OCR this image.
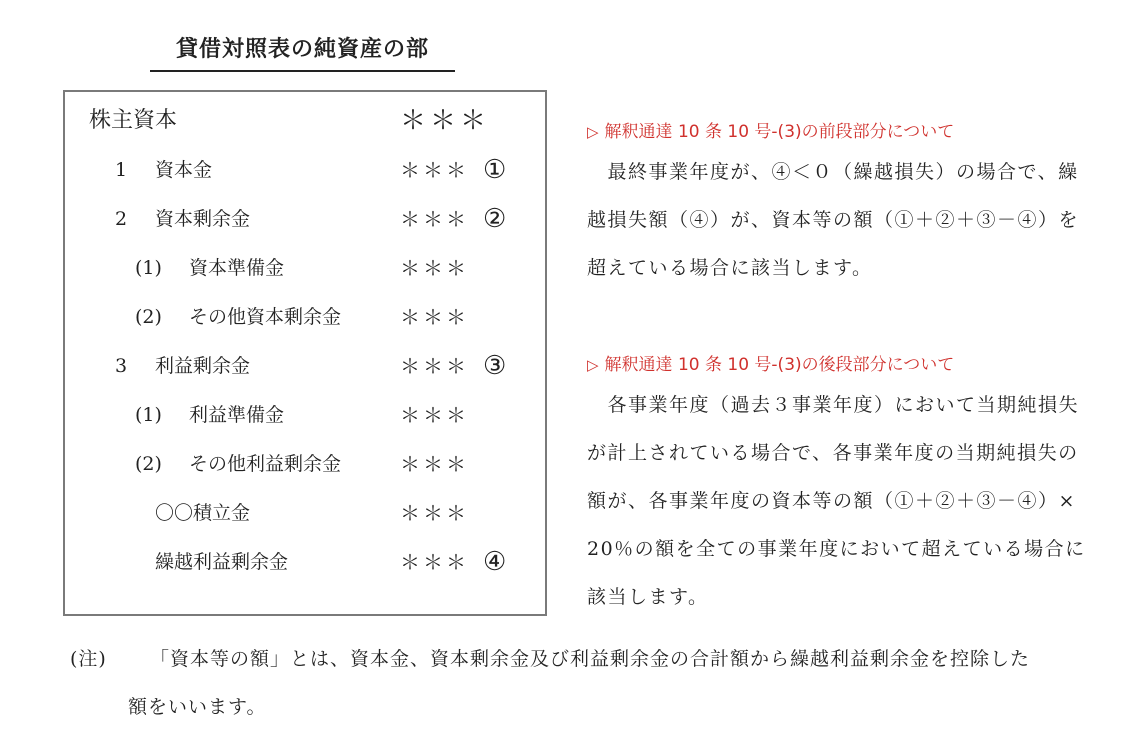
貸借対照表の純資産の部
株主資本	＊＊＊
1 資本金	＊＊＊ ①
2 資本剰余金	＊＊＊ ②
(1) 資本準備金	＊＊＊
(2) その他資本剰余金	＊＊＊
3 利益剰余金	＊＊＊ ③
(1) 利益準備金	＊＊＊
(2) その他利益剰余金	＊＊＊
〇〇積立金	＊＊＊
繰越利益剰余金	＊＊＊ ④
▷ 解釈通達 10 条 10 号-(3)の前段部分について
　最終事業年度が、④＜０（繰越損失）の場合で、繰
越損失額（④）が、資本等の額（①＋②＋③－④）を
超えている場合に該当します。
▷ 解釈通達 10 条 10 号-(3)の後段部分について
　各事業年度（過去３事業年度）において当期純損失
が計上されている場合で、各事業年度の当期純損失の
額が、各事業年度の資本等の額（①＋②＋③－④）×
20％の額を全ての事業年度において超えている場合に
該当します。
(注) 「資本等の額」とは、資本金、資本剰余金及び利益剰余金の合計額から繰越利益剰余金を控除した
額をいいます。
